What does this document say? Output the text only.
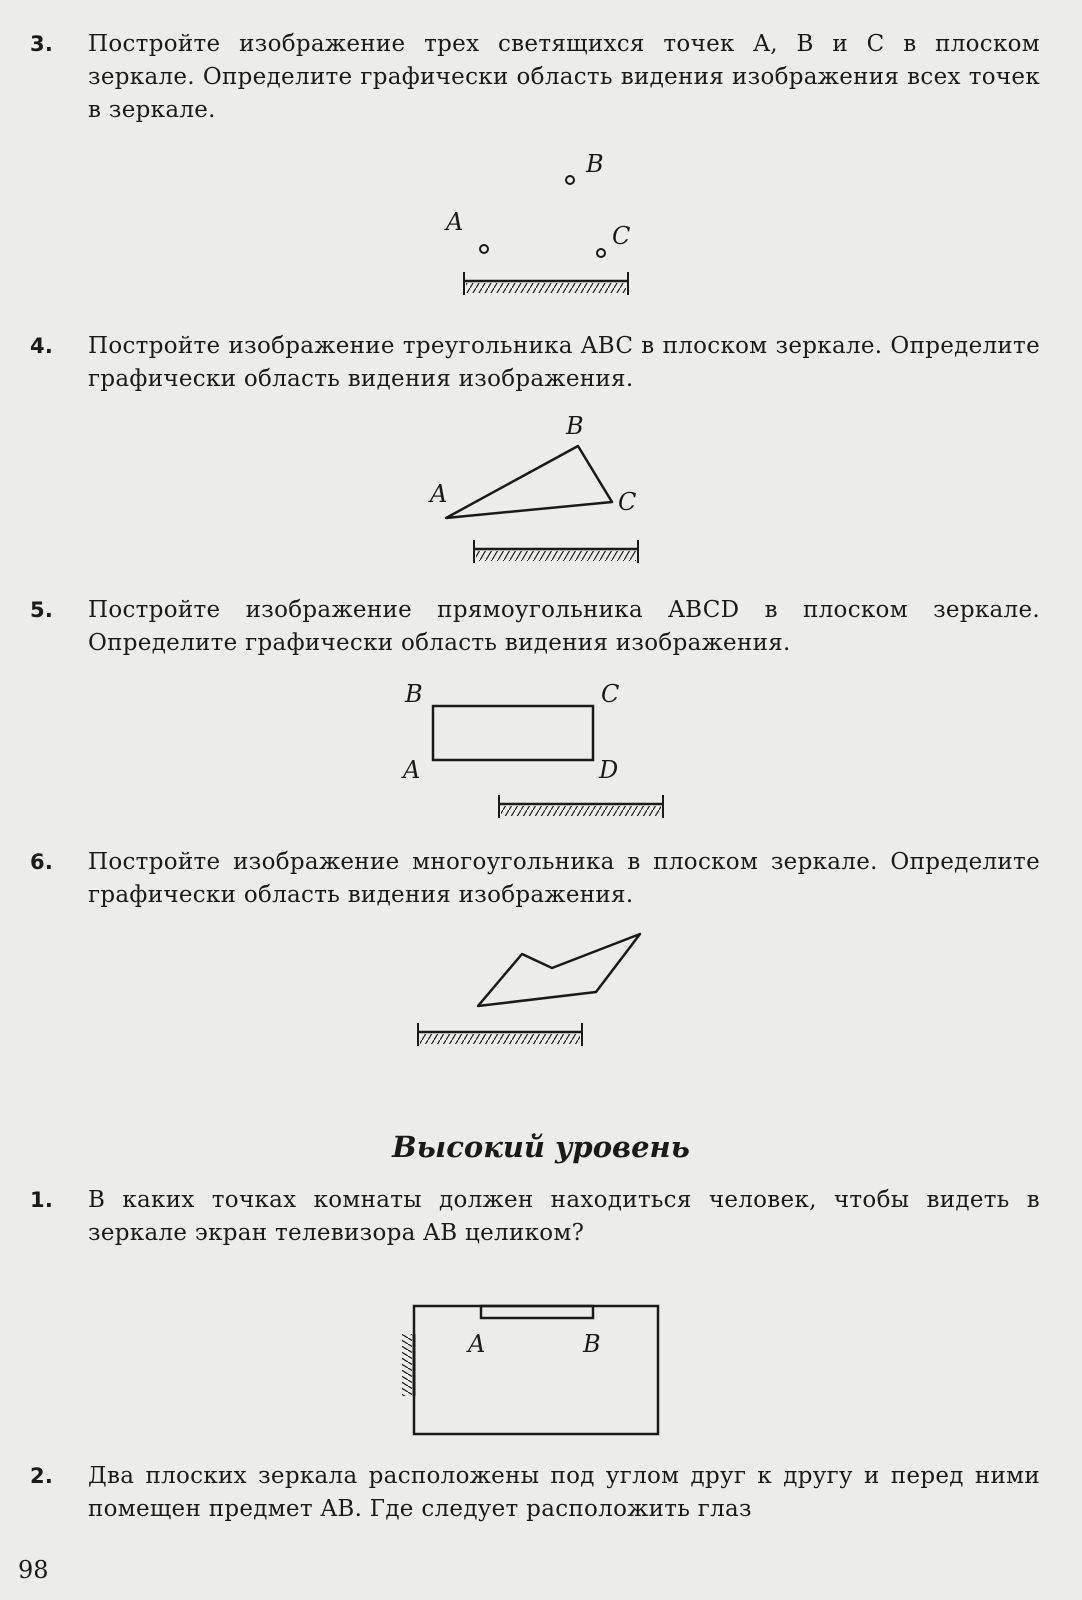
3.	Постройте изображение трех светящихся точек A, B и C в плоском зеркале. Определите графически область видения изображения всех точек в зеркале.
A
B
C
4.	Постройте изображение треугольника ABC в плоском зеркале. Определите графически область видения изображения.
A
B
C
5.	Постройте изображение прямоугольника ABCD в плоском зеркале. Определите графически область видения изображения.
B	C
A	D
6.	Постройте изображение многоугольника в плоском зеркале. Определите графически область видения изображения.
Высокий уровень
1.	В каких точках комнаты должен находиться человек, чтобы видеть в зеркале экран телевизора AB целиком?
A	B
2.	Два плоских зеркала расположены под углом друг к другу и перед ними помещен предмет AB. Где следует расположить глаз
98
